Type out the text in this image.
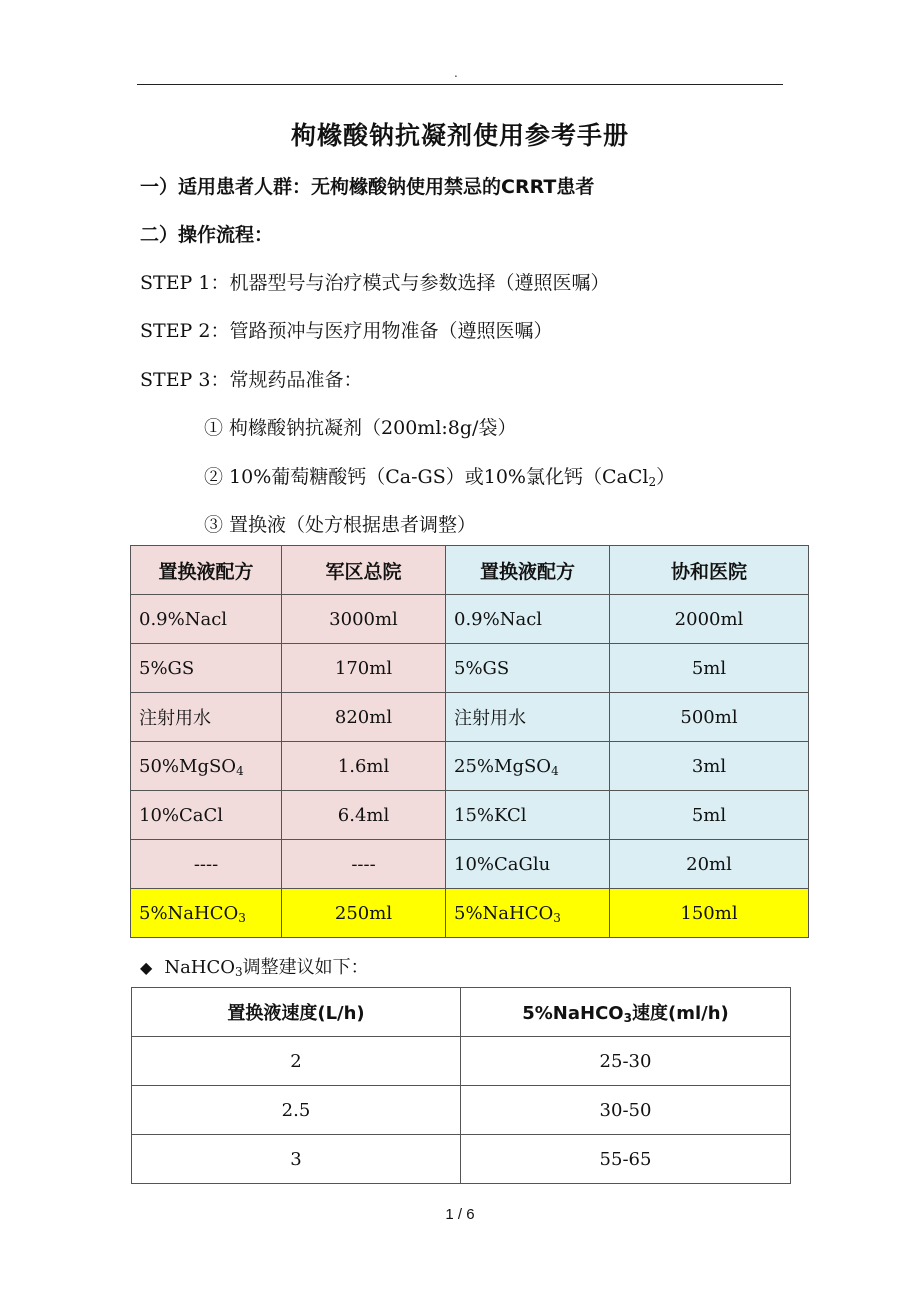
.
枸橼酸钠抗凝剂使用参考手册
一）适用患者人群：无枸橼酸钠使用禁忌的CRRT患者
二）操作流程：
STEP 1：机器型号与治疗模式与参数选择（遵照医嘱）
STEP 2：管路预冲与医疗用物准备（遵照医嘱）
STEP 3：常规药品准备：
① 枸橼酸钠抗凝剂（200ml:8g/袋）
② 10%葡萄糖酸钙（Ca-GS）或10%氯化钙（CaCl$_2$）
③ 置换液（处方根据患者调整）
置换液配方	军区总院	置换液配方	协和医院
0.9%Nacl	3000ml	0.9%Nacl	2000ml
5%GS	170ml	5%GS	5ml
注射用水	820ml	注射用水	500ml
50%MgSO$_4$	1.6ml	25%MgSO$_4$	3ml
10%CaCl	6.4ml	15%KCl	5ml
----	----	10%CaGlu	20ml
5%NaHCO$_3$	250ml	5%NaHCO$_3$	150ml
◆ NaHCO$_3$调整建议如下：
置换液速度(L/h)	5%NaHCO$_3$速度(ml/h)
2	25-30
2.5	30-50
3	55-65
1 / 6
